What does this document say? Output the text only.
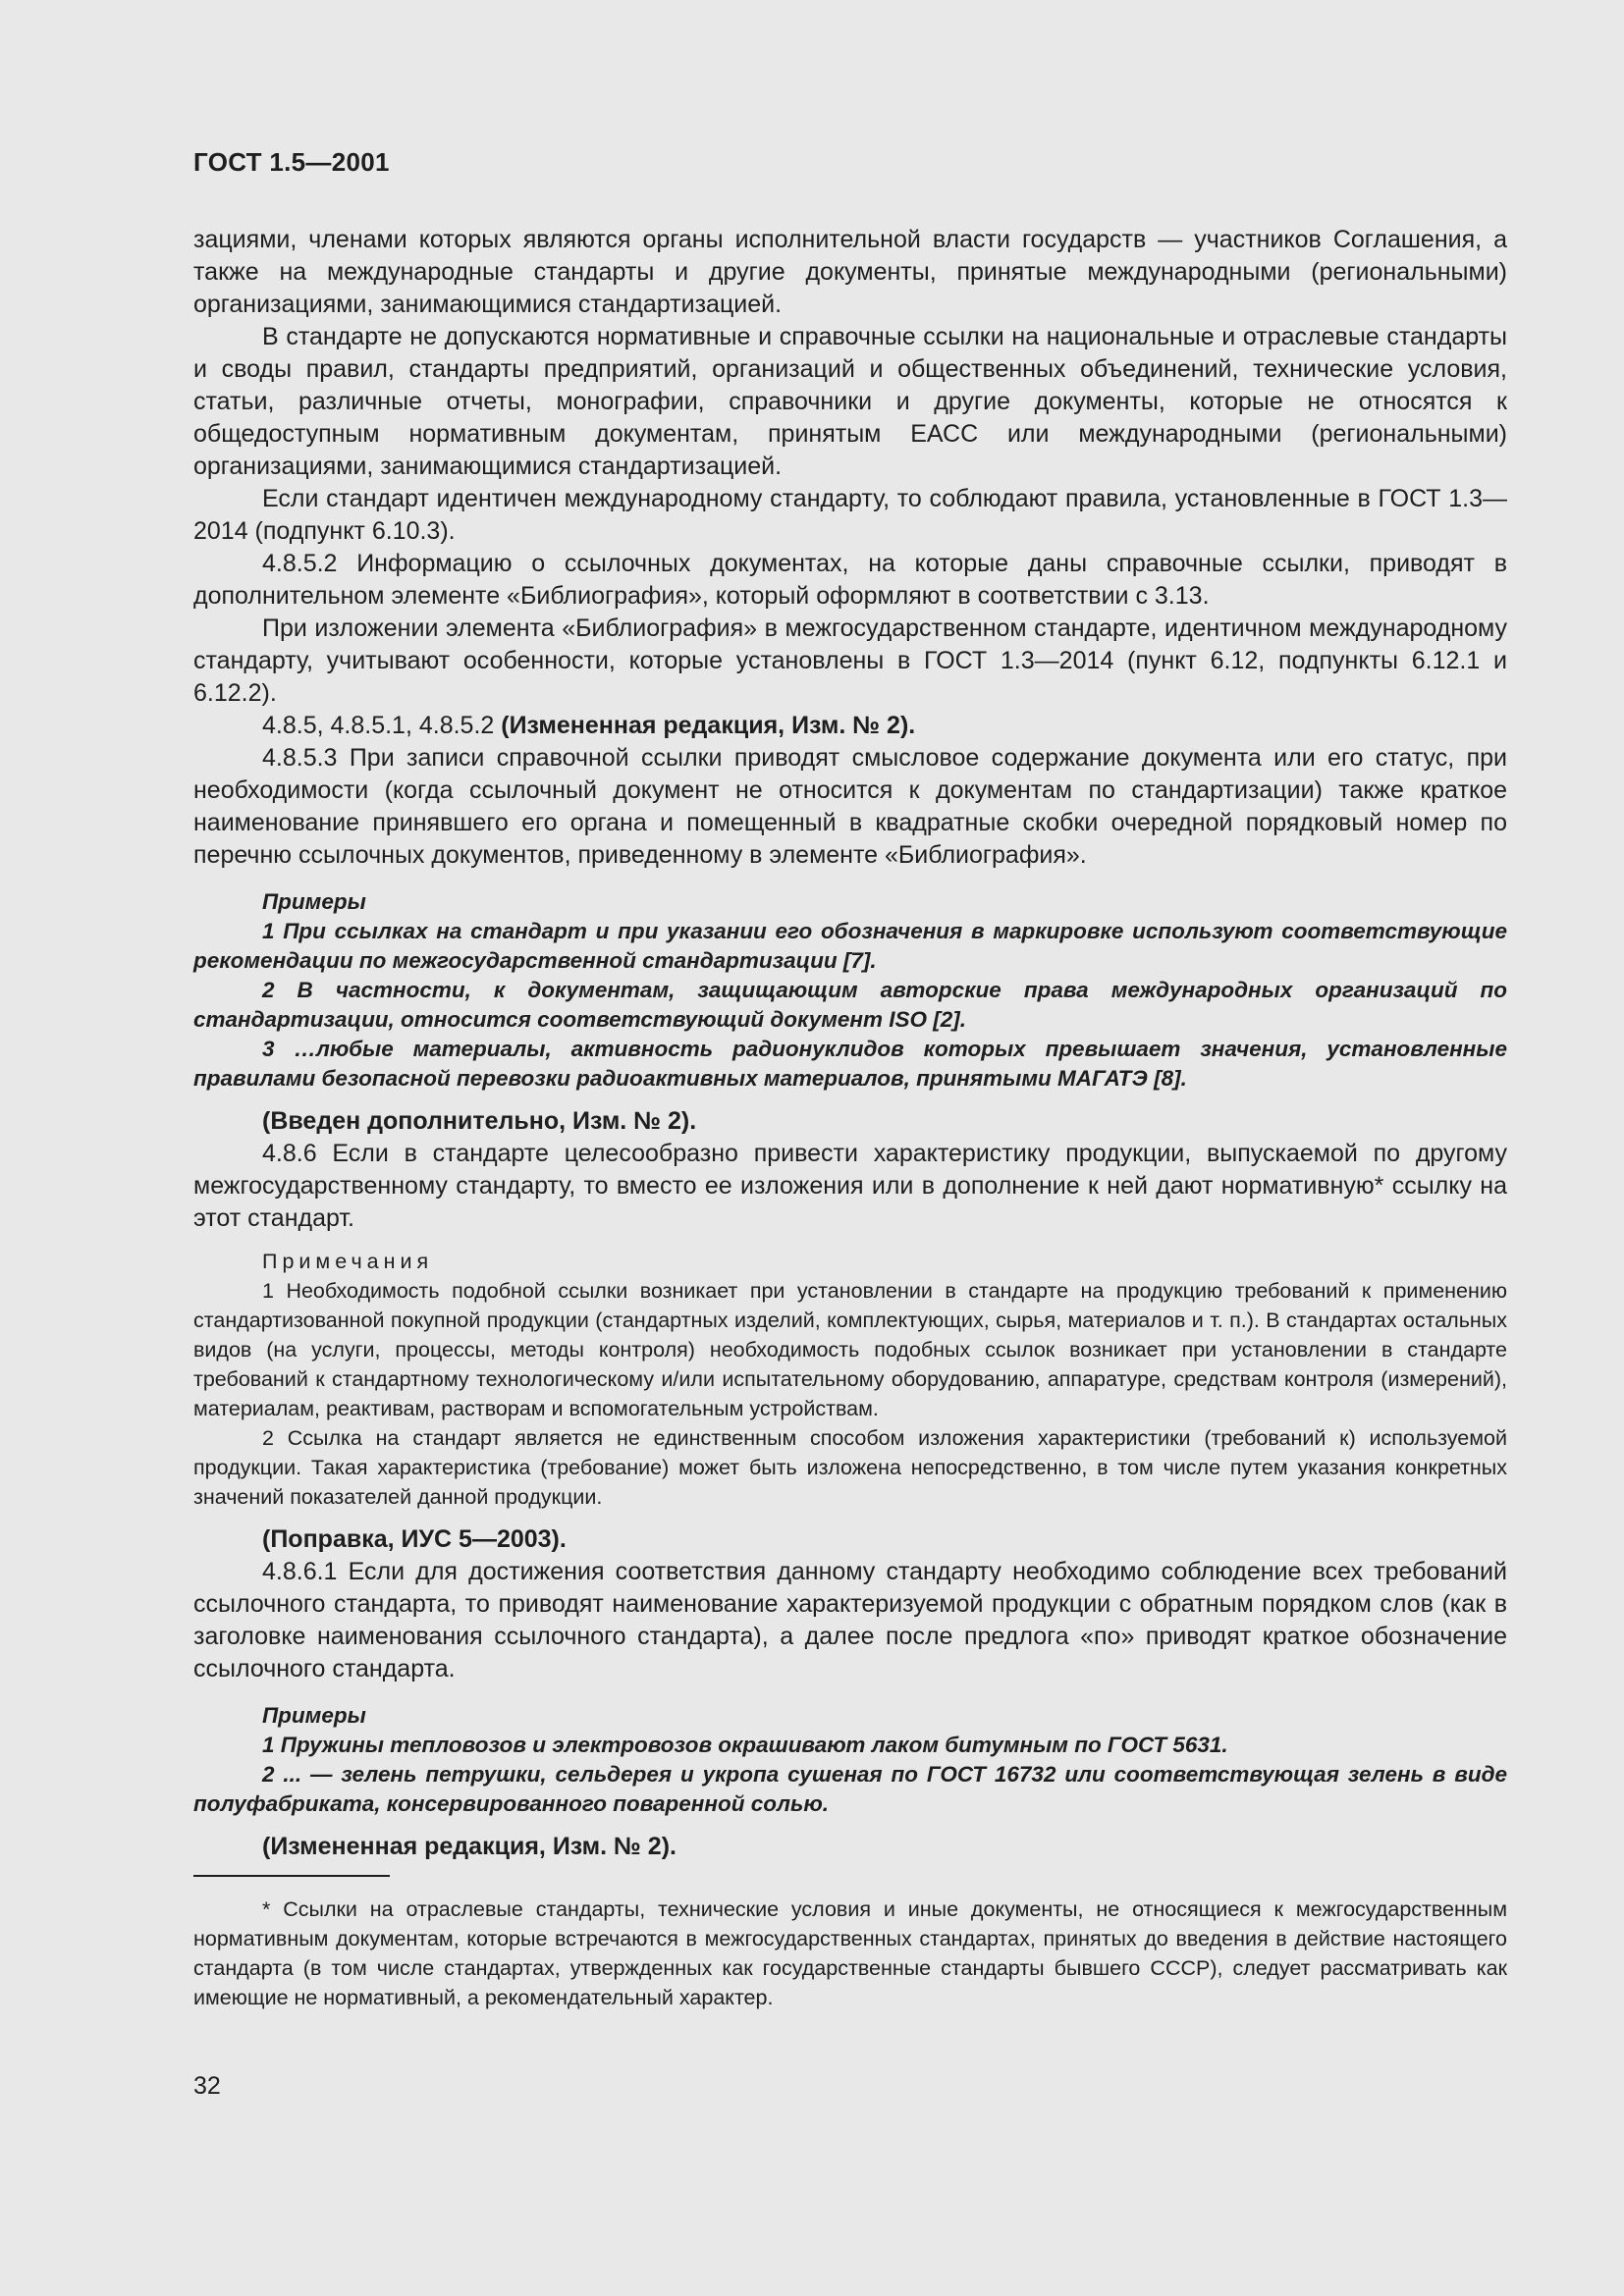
ГОСТ 1.5—2001

зациями, членами которых являются органы исполнительной власти государств — участников Соглашения, а также на международные стандарты и другие документы, принятые международными (региональными) организациями, занимающимися стандартизацией.

В стандарте не допускаются нормативные и справочные ссылки на национальные и отраслевые стандарты и своды правил, стандарты предприятий, организаций и общественных объединений, технические условия, статьи, различные отчеты, монографии, справочники и другие документы, которые не относятся к общедоступным нормативным документам, принятым ЕАСС или международными (региональными) организациями, занимающимися стандартизацией.

Если стандарт идентичен международному стандарту, то соблюдают правила, установленные в ГОСТ 1.3—2014 (подпункт 6.10.3).

4.8.5.2 Информацию о ссылочных документах, на которые даны справочные ссылки, приводят в дополнительном элементе «Библиография», который оформляют в соответствии с 3.13.

При изложении элемента «Библиография» в межгосударственном стандарте, идентичном международному стандарту, учитывают особенности, которые установлены в ГОСТ 1.3—2014 (пункт 6.12, подпункты 6.12.1 и 6.12.2).

4.8.5, 4.8.5.1, 4.8.5.2 (Измененная редакция, Изм. № 2).

4.8.5.3 При записи справочной ссылки приводят смысловое содержание документа или его статус, при необходимости (когда ссылочный документ не относится к документам по стандартизации) также краткое наименование принявшего его органа и помещенный в квадратные скобки очередной порядковый номер по перечню ссылочных документов, приведенному в элементе «Библиография».

Примеры

1 При ссылках на стандарт и при указании его обозначения в маркировке используют соответствующие рекомендации по межгосударственной стандартизации [7].

2 В частности, к документам, защищающим авторские права международных организаций по стандартизации, относится соответствующий документ ISO [2].

3 …любые материалы, активность радионуклидов которых превышает значения, установленные правилами безопасной перевозки радиоактивных материалов, принятыми МАГАТЭ [8].

(Введен дополнительно, Изм. № 2).

4.8.6 Если в стандарте целесообразно привести характеристику продукции, выпускаемой по другому межгосударственному стандарту, то вместо ее изложения или в дополнение к ней дают нормативную* ссылку на этот стандарт.

Примечания

1 Необходимость подобной ссылки возникает при установлении в стандарте на продукцию требований к применению стандартизованной покупной продукции (стандартных изделий, комплектующих, сырья, материалов и т. п.). В стандартах остальных видов (на услуги, процессы, методы контроля) необходимость подобных ссылок возникает при установлении в стандарте требований к стандартному технологическому и/или испытательному оборудованию, аппаратуре, средствам контроля (измерений), материалам, реактивам, растворам и вспомогательным устройствам.

2 Ссылка на стандарт является не единственным способом изложения характеристики (требований к) используемой продукции. Такая характеристика (требование) может быть изложена непосредственно, в том числе путем указания конкретных значений показателей данной продукции.

(Поправка, ИУС 5—2003).

4.8.6.1 Если для достижения соответствия данному стандарту необходимо соблюдение всех требований ссылочного стандарта, то приводят наименование характеризуемой продукции с обратным порядком слов (как в заголовке наименования ссылочного стандарта), а далее после предлога «по» приводят краткое обозначение ссылочного стандарта.

Примеры

1 Пружины тепловозов и электровозов окрашивают лаком битумным по ГОСТ 5631.

2 ... — зелень петрушки, сельдерея и укропа сушеная по ГОСТ 16732 или соответствующая зелень в виде полуфабриката, консервированного поваренной солью.

(Измененная редакция, Изм. № 2).

* Ссылки на отраслевые стандарты, технические условия и иные документы, не относящиеся к межгосударственным нормативным документам, которые встречаются в межгосударственных стандартах, принятых до введения в действие настоящего стандарта (в том числе стандартах, утвержденных как государственные стандарты бывшего СССР), следует рассматривать как имеющие не нормативный, а рекомендательный характер.

32
